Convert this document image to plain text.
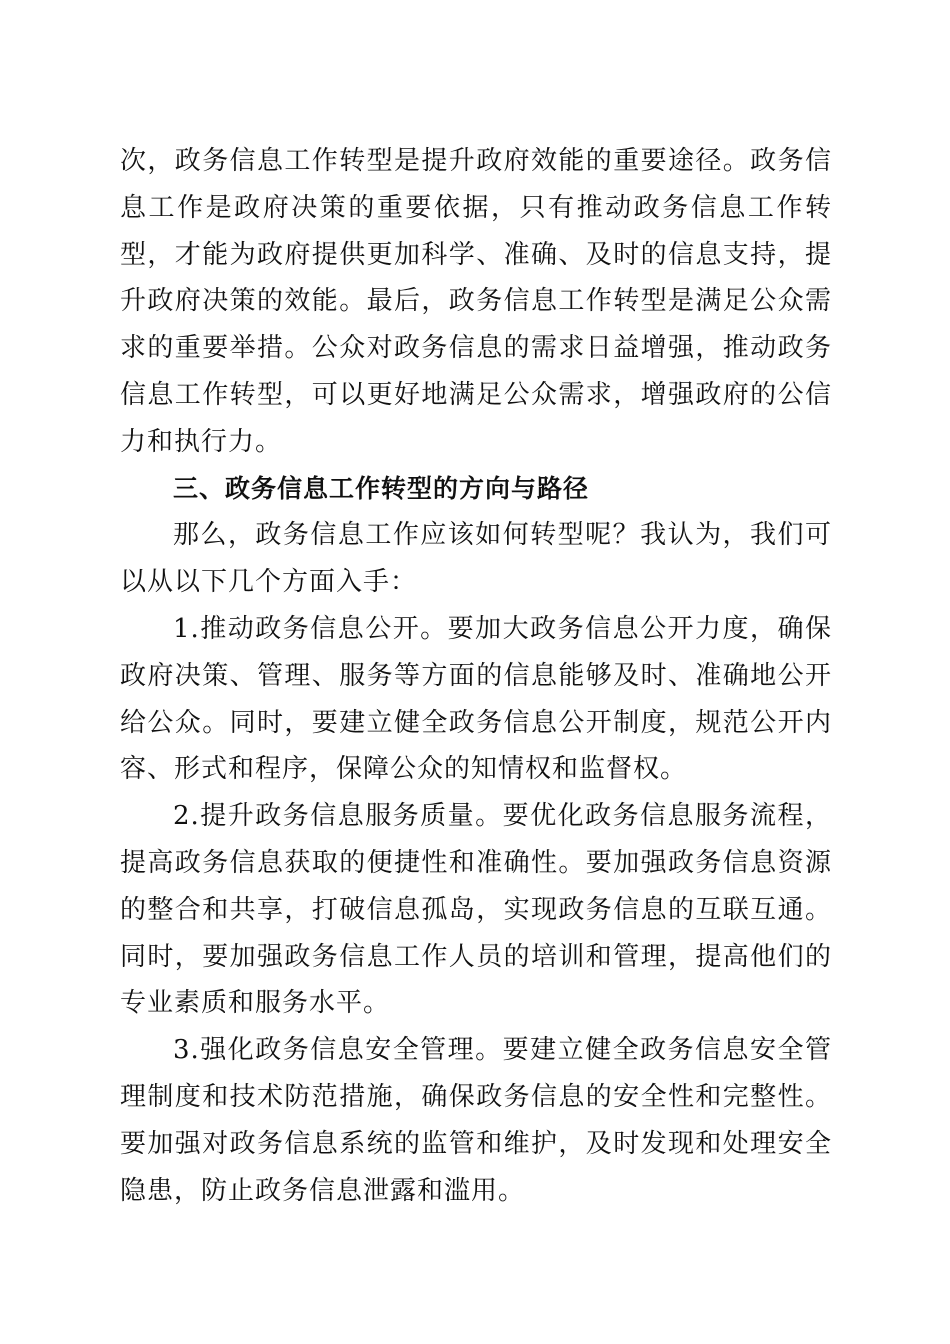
次，政务信息工作转型是提升政府效能的重要途径。政务信息工作是政府决策的重要依据，只有推动政务信息工作转型，才能为政府提供更加科学、准确、及时的信息支持，提升政府决策的效能。最后，政务信息工作转型是满足公众需求的重要举措。公众对政务信息的需求日益增强，推动政务信息工作转型，可以更好地满足公众需求，增强政府的公信力和执行力。

三、政务信息工作转型的方向与路径

那么，政务信息工作应该如何转型呢？我认为，我们可以从以下几个方面入手：

1.推动政务信息公开。要加大政务信息公开力度，确保政府决策、管理、服务等方面的信息能够及时、准确地公开给公众。同时，要建立健全政务信息公开制度，规范公开内容、形式和程序，保障公众的知情权和监督权。

2.提升政务信息服务质量。要优化政务信息服务流程，提高政务信息获取的便捷性和准确性。要加强政务信息资源的整合和共享，打破信息孤岛，实现政务信息的互联互通。同时，要加强政务信息工作人员的培训和管理，提高他们的专业素质和服务水平。

3.强化政务信息安全管理。要建立健全政务信息安全管理制度和技术防范措施，确保政务信息的安全性和完整性。要加强对政务信息系统的监管和维护，及时发现和处理安全隐患，防止政务信息泄露和滥用。
